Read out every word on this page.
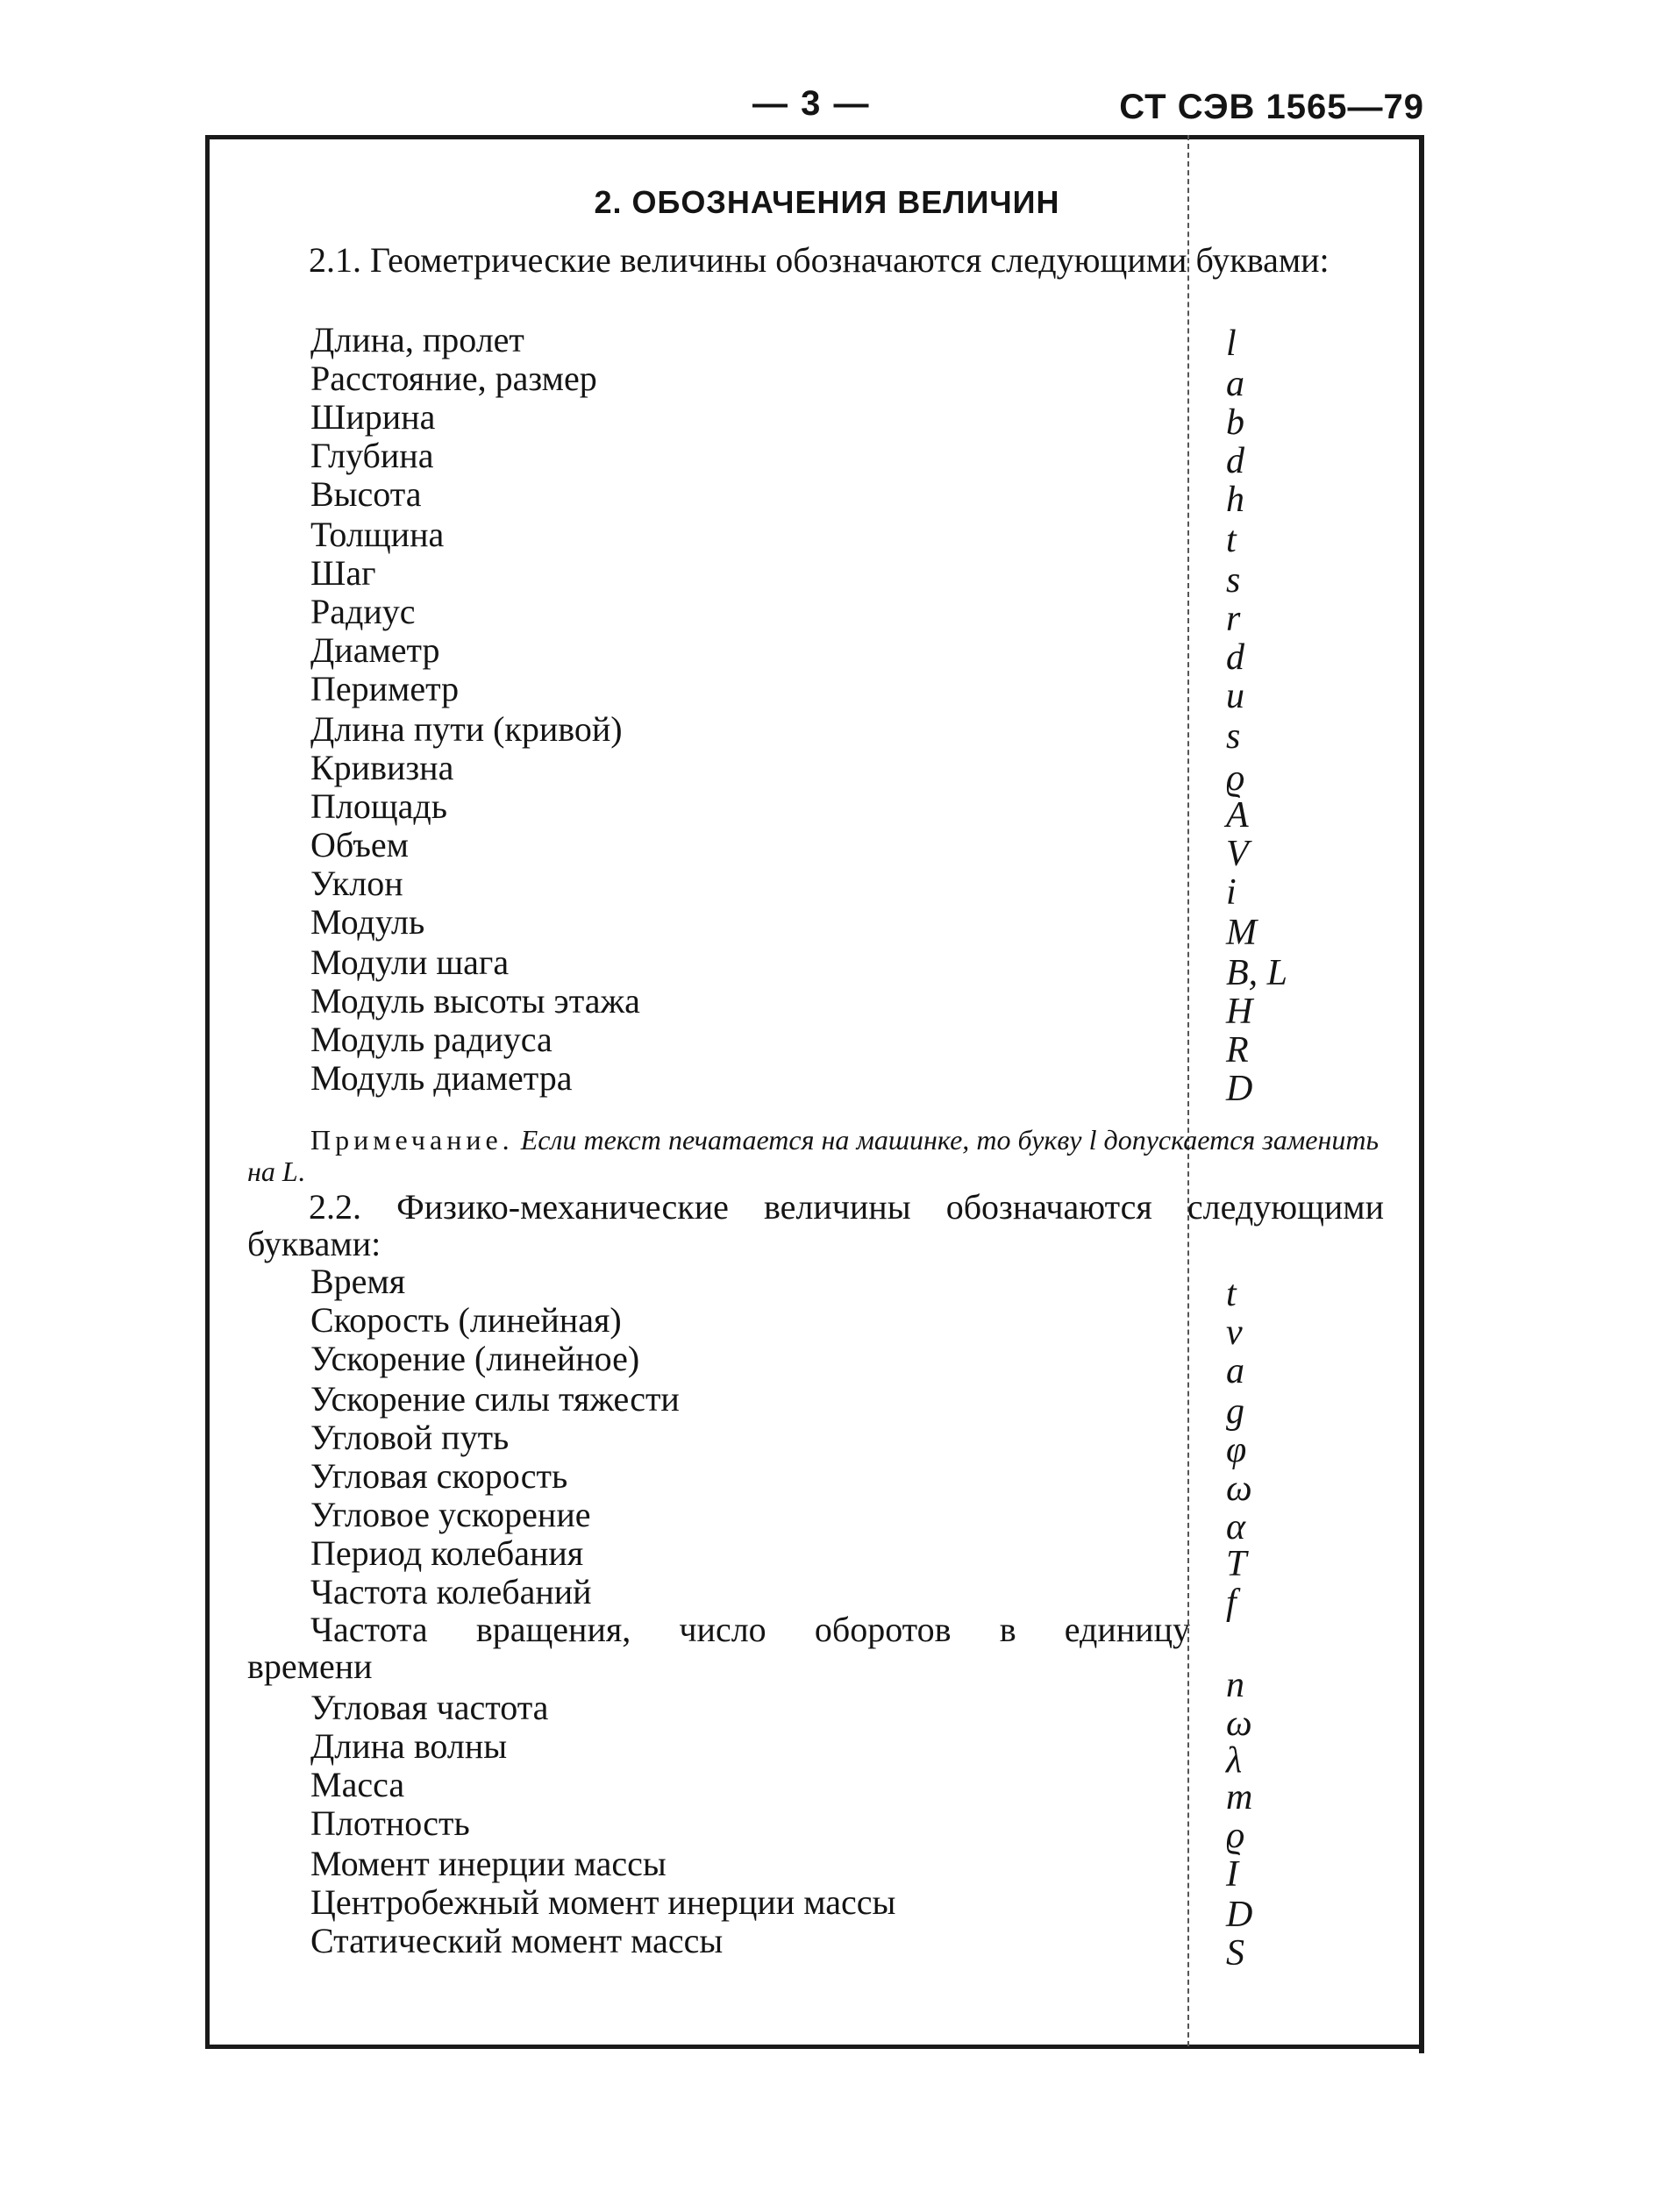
— 3 —	СТ СЭВ 1565—79
2. ОБОЗНАЧЕНИЯ ВЕЛИЧИН
2.1. Геометрические величины обозначаются следующими буквами:
Длина, пролет	l
Расстояние, размер	a
Ширина	b
Глубина	d
Высота	h
Толщина	t
Шаг	s
Радиус	r
Диаметр	d
Периметр	u
Длина пути (кривой)	s
Кривизна	ϱ
Площадь	A
Объем	V
Уклон	i
Модуль	M
Модули шага	B, L
Модуль высоты этажа	H
Модуль радиуса	R
Модуль диаметра	D
Примечание. Если текст печатается на машинке, то букву l допускается заменить на L.
2.2. Физико-механические величины обозначаются следующими буквами:
Время	t
Скорость (линейная)	v
Ускорение (линейное)	a
Ускорение силы тяжести	g
Угловой путь	φ
Угловая скорость	ω
Угловое ускорение	α
Период колебания	T
Частота колебаний	f
Частота вращения, число оборотов в единицу времени	n
Угловая частота	ω
Длина волны	λ
Масса	m
Плотность	ϱ
Момент инерции массы	I
Центробежный момент инерции массы	D
Статический момент массы	S
